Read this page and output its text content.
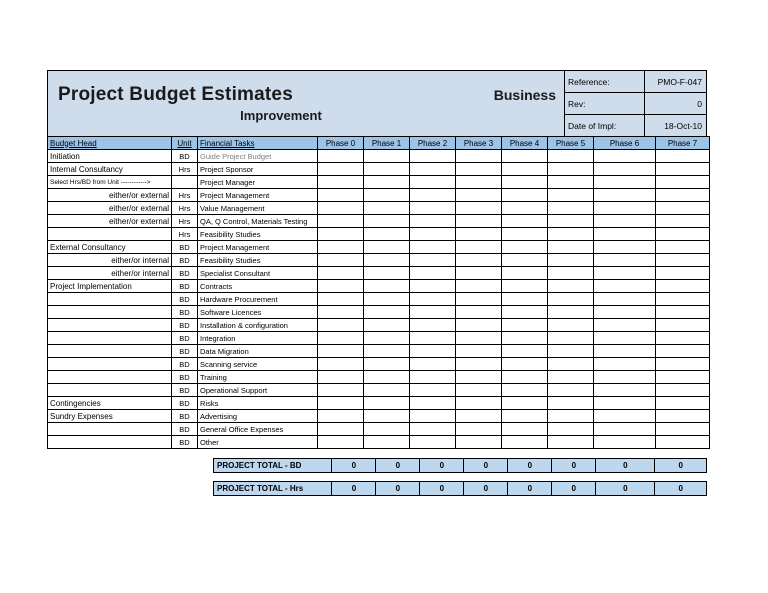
Project Budget Estimates	Business
Improvement
Reference:	PMO-F-047
Rev:	0
Date of Impl:	18-Oct-10
Budget Head	Unit	Financial Tasks	Phase 0	Phase 1	Phase 2	Phase 3	Phase 4	Phase 5	Phase 6	Phase 7
Initiation	BD	Guide Project Budget								
Internal Consultancy	Hrs	Project Sponsor								
Select Hrs/BD from Unit ------------>		Project Manager								
either/or external	Hrs	Project Management								
either/or external	Hrs	Value Management								
either/or external	Hrs	QA, Q Control, Materials Testing								
	Hrs	Feasibility Studies								
External Consultancy	BD	Project Management								
either/or internal	BD	Feasibility Studies								
either/or internal	BD	Specialist Consultant								
Project Implementation	BD	Contracts								
	BD	Hardware Procurement								
	BD	Software Licences								
	BD	Installation & configuration								
	BD	Integration								
	BD	Data Migration								
	BD	Scanning service								
	BD	Training								
	BD	Operational Support								
Contingencies	BD	Risks								
Sundry Expenses	BD	Advertising								
	BD	General Office Expenses								
	BD	Other								
PROJECT TOTAL - BD	0	0	0	0	0	0	0	0
PROJECT TOTAL - Hrs	0	0	0	0	0	0	0	0
